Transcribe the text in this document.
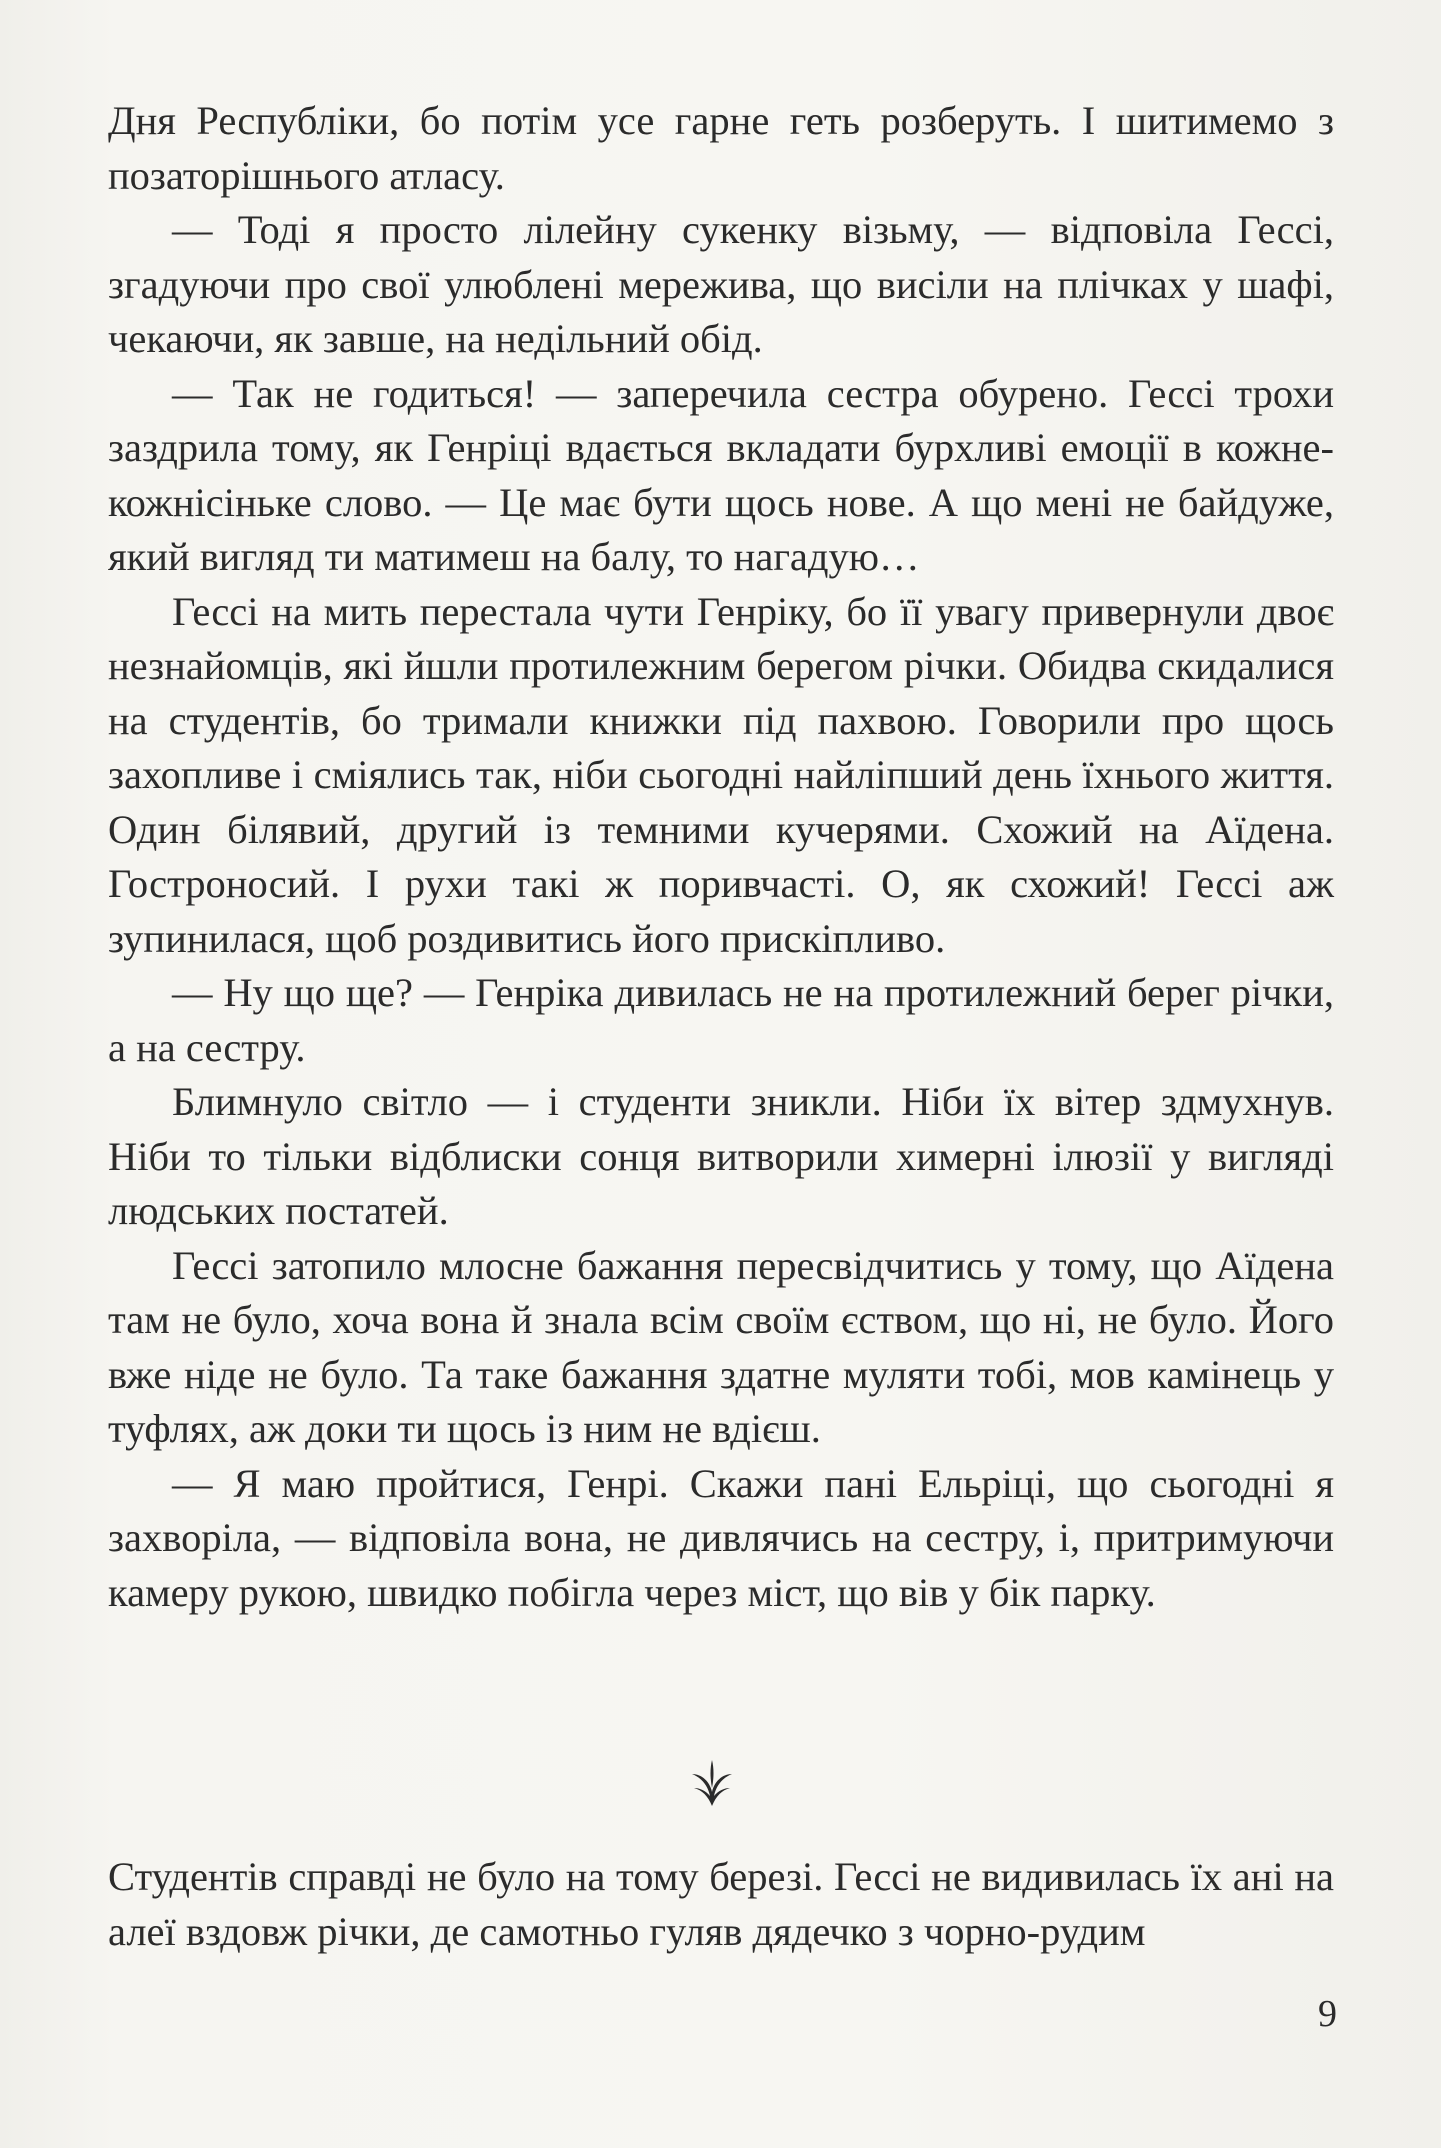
Дня Республіки, бо потім усе гарне геть розберуть. І шитимемо з позаторішнього атласу.

— Тоді я просто лілейну сукенку візьму, — відповіла Гессі, згадуючи про свої улюблені мережива, що висіли на плічках у шафі, чекаючи, як завше, на недільний обід.

— Так не годиться! — заперечила сестра обурено. Гессі трохи заздрила тому, як Генріці вдається вкладати бурхливі емоції в кожне-кожнісіньке слово. — Це має бути щось нове. А що мені не байдуже, який вигляд ти матимеш на балу, то нагадую…

Гессі на мить перестала чути Генріку, бо її увагу привернули двоє незнайомців, які йшли протилежним берегом річки. Обидва скидалися на студентів, бо тримали книжки під пахвою. Говорили про щось захопливе і сміялись так, ніби сьогодні найліпший день їхнього життя. Один білявий, другий із темними кучерями. Схожий на Аїдена. Гостроносий. І рухи такі ж поривчасті. О, як схожий! Гессі аж зупинилася, щоб роздивитись його прискіпливо.

— Ну що ще? — Генріка дивилась не на протилежний берег річки, а на сестру.

Блимнуло світло — і студенти зникли. Ніби їх вітер здмухнув. Ніби то тільки відблиски сонця витворили химерні ілюзії у вигляді людських постатей.

Гессі затопило млосне бажання пересвідчитись у тому, що Аїдена там не було, хоча вона й знала всім своїм єством, що ні, не було. Його вже ніде не було. Та таке бажання здатне муляти тобі, мов камінець у туфлях, аж доки ти щось із ним не вдієш.

— Я маю пройтися, Генрі. Скажи пані Ельріці, що сьогодні я захворіла, — відповіла вона, не дивлячись на сестру, і, притримуючи камеру рукою, швидко побігла через міст, що вів у бік парку.

Студентів справді не було на тому березі. Гессі не видивилась їх ані на алеї вздовж річки, де самотньо гуляв дядечко з чорно-рудим

9
